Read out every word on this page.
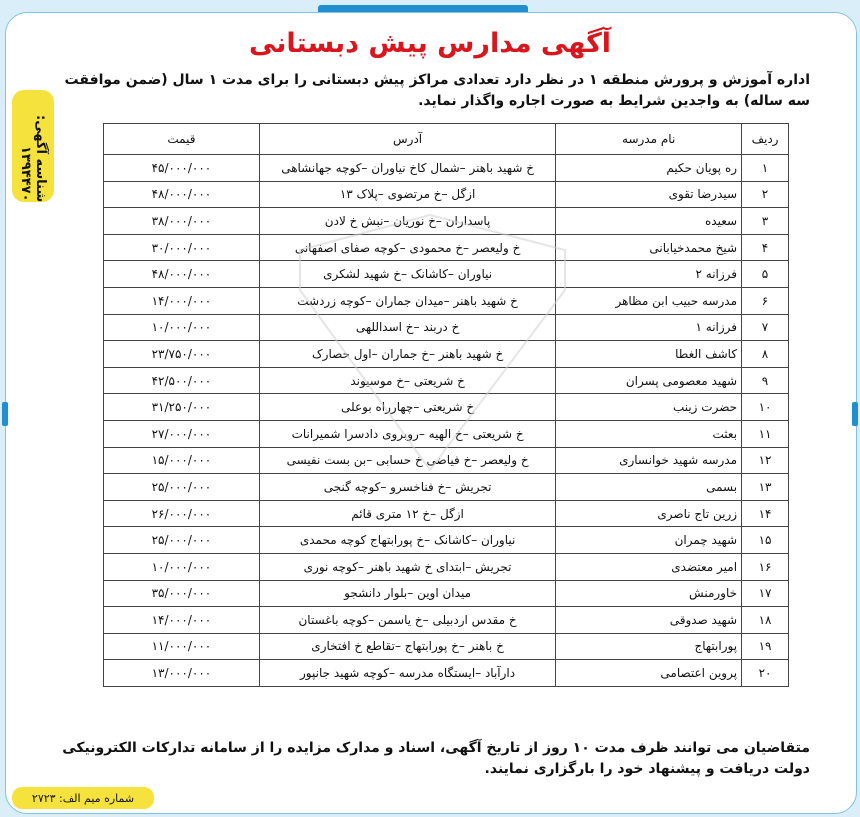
آگهی مدارس پیش دبستانی
اداره آموزش و پرورش منطقه ۱ در نظر دارد تعدادی مراکز پیش دبستانی را برای مدت ۱ سال (ضمن موافقت سه ساله) به واجدین شرایط به صورت اجاره واگذار نماید.
شناسه آگهی: ۱۳۹۴۴۷۰
ردیف	نام مدرسه	آدرس	قیمت
۱	ره پویان حکیم	خ شهید باهنر –شمال کاخ نیاوران –کوچه جهانشاهی	۴۵/۰۰۰/۰۰۰
۲	سیدرضا تقوی	ازگل –خ مرتضوی –پلاک ۱۳	۴۸/۰۰۰/۰۰۰
۳	سعیده	پاسداران –خ نوریان –نبش خ لادن	۳۸/۰۰۰/۰۰۰
۴	شیخ محمدخیابانی	خ ولیعصر –خ محمودی –کوچه صفای اصفهانی	۳۰/۰۰۰/۰۰۰
۵	فرزانه ۲	نیاوران –کاشانک –خ شهید لشکری	۴۸/۰۰۰/۰۰۰
۶	مدرسه حبیب ابن مظاهر	خ شهید باهنر –میدان جماران –کوچه زردشت	۱۴/۰۰۰/۰۰۰
۷	فرزانه ۱	خ دربند –خ اسداللهی	۱۰/۰۰۰/۰۰۰
۸	کاشف الغطا	خ شهید باهنر –خ جماران –اول حصارک	۲۳/۷۵۰/۰۰۰
۹	شهید معصومی پسران	خ شریعتی –خ موسیوند	۴۲/۵۰۰/۰۰۰
۱۰	حضرت زینب	خ شریعتی –چهارراه بوعلی	۳۱/۲۵۰/۰۰۰
۱۱	بعثت	خ شریعتی –خ الهیه –روبروی دادسرا شمیرانات	۲۷/۰۰۰/۰۰۰
۱۲	مدرسه شهید خوانساری	خ ولیعصر –خ فیاضی خ حسابی –بن بست نفیسی	۱۵/۰۰۰/۰۰۰
۱۳	بسمی	تجریش –خ فناخسرو –کوچه گنجی	۲۵/۰۰۰/۰۰۰
۱۴	زرین تاج ناصری	ازگل –خ ۱۲ متری قائم	۲۶/۰۰۰/۰۰۰
۱۵	شهید چمران	نیاوران –کاشانک –خ پورابتهاج کوچه محمدی	۲۵/۰۰۰/۰۰۰
۱۶	امیر معتضدی	تجریش –ابتدای خ شهید باهنر –کوچه نوری	۱۰/۰۰۰/۰۰۰
۱۷	خاورمنش	میدان اوین –بلوار دانشجو	۳۵/۰۰۰/۰۰۰
۱۸	شهید صدوقی	خ مقدس اردبیلی –خ یاسمن –کوچه باغستان	۱۴/۰۰۰/۰۰۰
۱۹	پورابتهاج	خ باهنر –خ پورابتهاج –تقاطع خ افتخاری	۱۱/۰۰۰/۰۰۰
۲۰	پروین اعتصامی	دارآباد –ایستگاه مدرسه –کوچه شهید جانپور	۱۳/۰۰۰/۰۰۰
متقاضیان می توانند ظرف مدت ۱۰ روز از تاریخ آگهی، اسناد و مدارک مزایده را از سامانه تدارکات الکترونیکی دولت دریافت و پیشنهاد خود را بارگزاری نمایند.
شماره میم الف: ۲۷۲۳
